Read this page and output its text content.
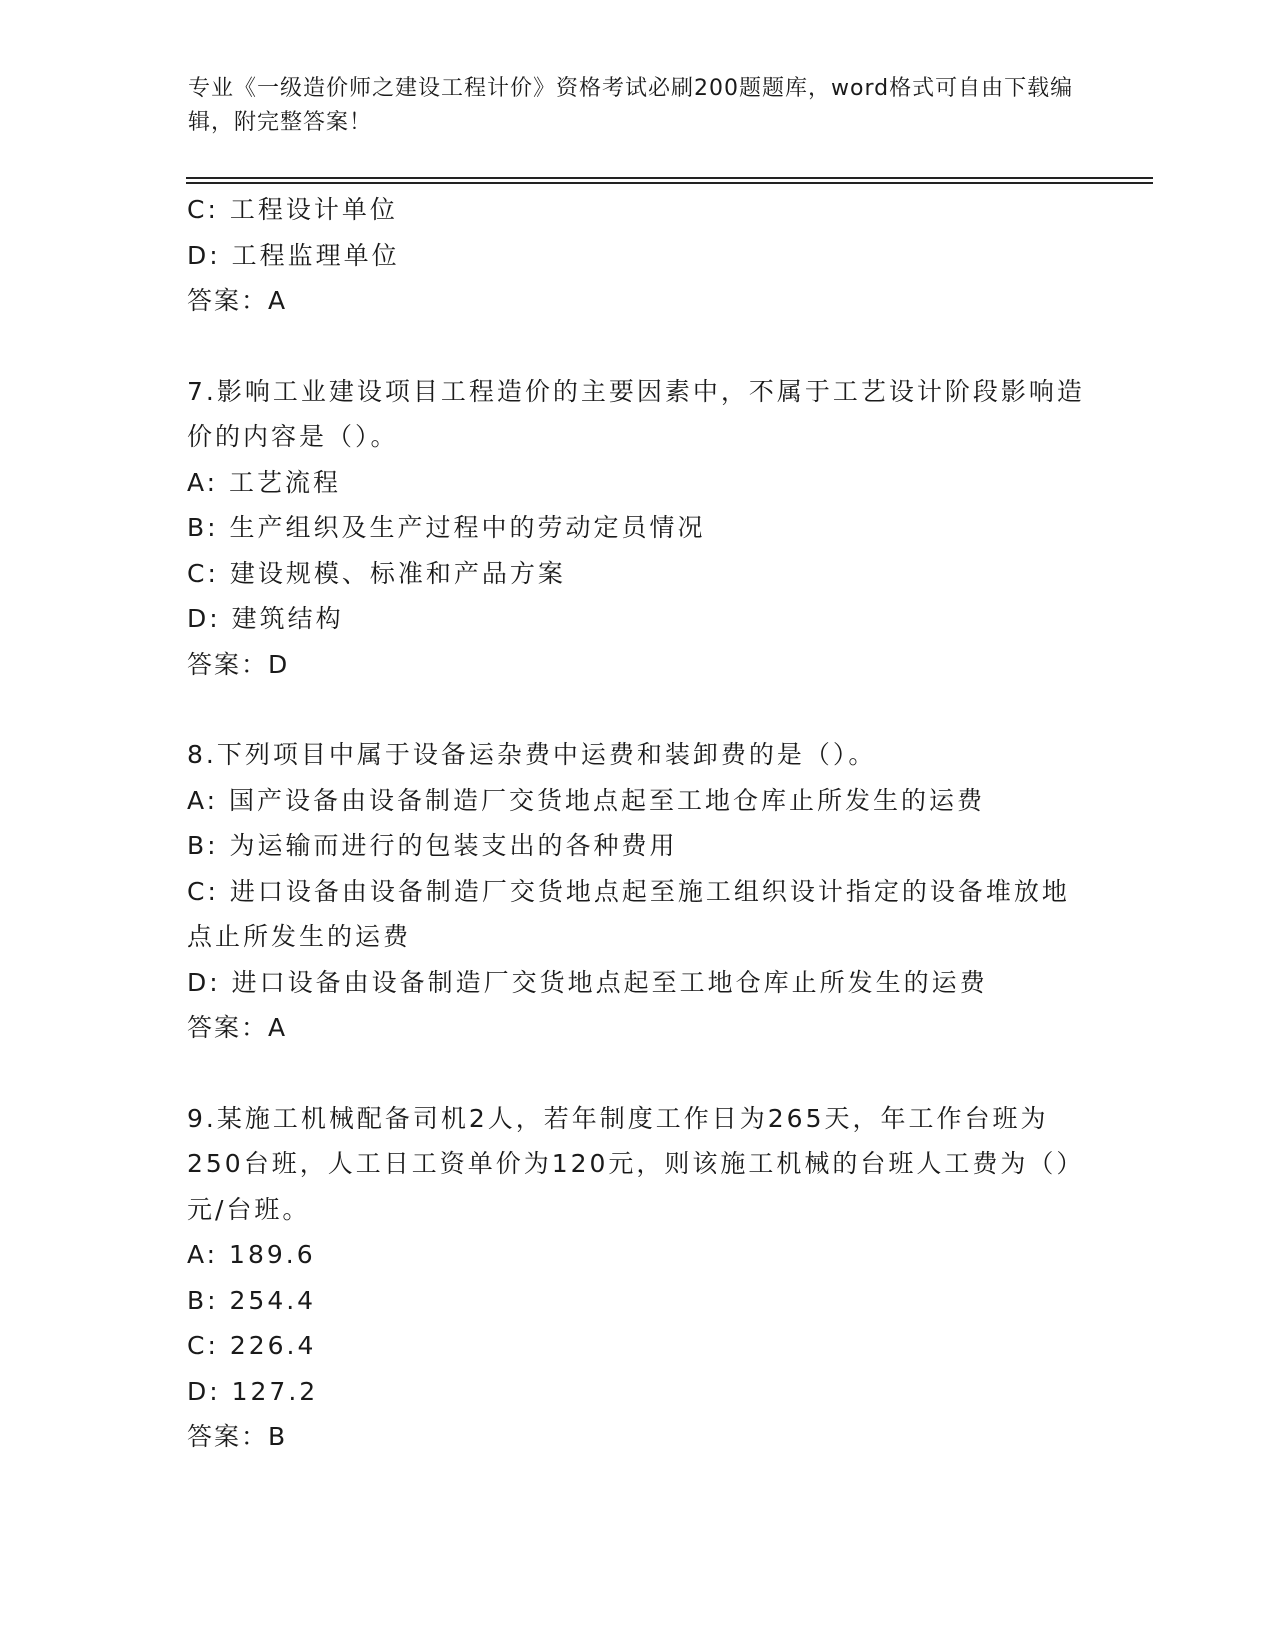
专业《一级造价师之建设工程计价》资格考试必刷200题题库，word格式可自由下载编辑，附完整答案！

C: 工程设计单位

D: 工程监理单位

答案：A

7.影响工业建设项目工程造价的主要因素中，不属于工艺设计阶段影响造价的内容是（）。

A: 工艺流程

B: 生产组织及生产过程中的劳动定员情况

C: 建设规模、标准和产品方案

D: 建筑结构

答案：D

8.下列项目中属于设备运杂费中运费和装卸费的是（）。

A: 国产设备由设备制造厂交货地点起至工地仓库止所发生的运费

B: 为运输而进行的包装支出的各种费用

C: 进口设备由设备制造厂交货地点起至施工组织设计指定的设备堆放地点止所发生的运费

D: 进口设备由设备制造厂交货地点起至工地仓库止所发生的运费

答案：A

9.某施工机械配备司机2人，若年制度工作日为265天，年工作台班为250台班，人工日工资单价为120元，则该施工机械的台班人工费为（）元/台班。

A: 189.6

B: 254.4

C: 226.4

D: 127.2

答案：B
